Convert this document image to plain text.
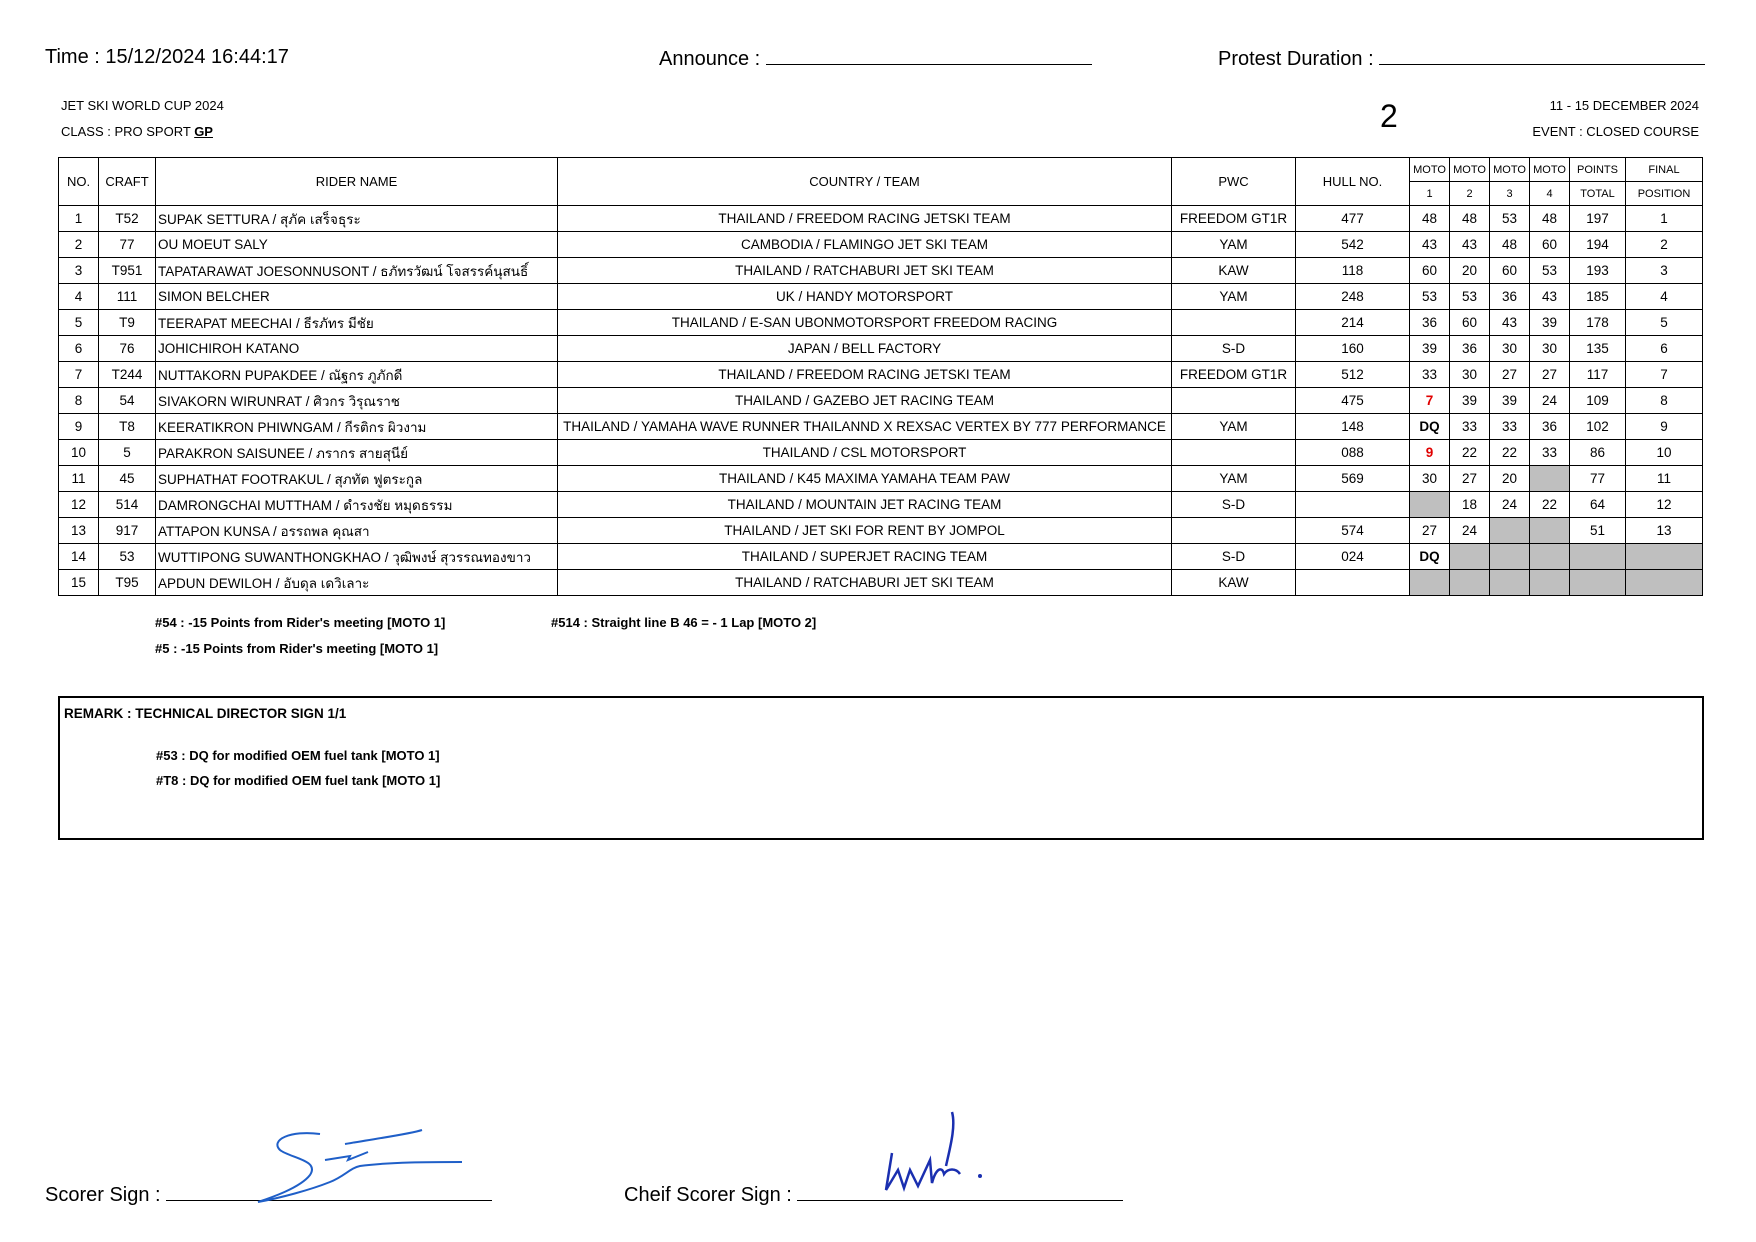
Time : 15/12/2024 16:44:17	Announce :	Protest Duration :
JET SKI WORLD CUP 2024
CLASS : PRO SPORT GP	2	11 - 15 DECEMBER 2024
EVENT : CLOSED COURSE
NO.	CRAFT	RIDER NAME	COUNTRY / TEAM	PWC	HULL NO.	MOTO	MOTO	MOTO	MOTO	POINTS	FINAL
						1	2	3	4	TOTAL	POSITION
1	T52	SUPAK SETTURA / สุภัค เสร็จธุระ	THAILAND / FREEDOM RACING JETSKI TEAM	FREEDOM GT1R	477	48	48	53	48	197	1
2	77	OU MOEUT SALY	CAMBODIA / FLAMINGO JET SKI TEAM	YAM	542	43	43	48	60	194	2
3	T951	TAPATARAWAT JOESONNUSONT / ธภัทรวัฒน์ โจสรรค์นุสนธิ์	THAILAND / RATCHABURI JET SKI TEAM	KAW	118	60	20	60	53	193	3
4	111	SIMON BELCHER	UK / HANDY MOTORSPORT	YAM	248	53	53	36	43	185	4
5	T9	TEERAPAT MEECHAI / ธีรภัทร มีชัย	THAILAND / E-SAN UBONMOTORSPORT FREEDOM RACING		214	36	60	43	39	178	5
6	76	JOHICHIROH KATANO	JAPAN / BELL FACTORY	S-D	160	39	36	30	30	135	6
7	T244	NUTTAKORN PUPAKDEE / ณัฐกร ภูภักดี	THAILAND / FREEDOM RACING JETSKI TEAM	FREEDOM GT1R	512	33	30	27	27	117	7
8	54	SIVAKORN WIRUNRAT / ศิวกร วิรุณราช	THAILAND / GAZEBO JET RACING TEAM		475	7	39	39	24	109	8
9	T8	KEERATIKRON PHIWNGAM / กีรติกร ผิวงาม	THAILAND / YAMAHA WAVE RUNNER THAILANND X REXSAC VERTEX BY 777 PERFORMANCE	YAM	148	DQ	33	33	36	102	9
10	5	PARAKRON SAISUNEE / ภรากร สายสุนีย์	THAILAND / CSL MOTORSPORT		088	9	22	22	33	86	10
11	45	SUPHATHAT FOOTRAKUL / สุภทัต ฟูตระกูล	THAILAND / K45 MAXIMA YAMAHA TEAM PAW	YAM	569	30	27	20		77	11
12	514	DAMRONGCHAI MUTTHAM / ดำรงชัย หมุดธรรม	THAILAND / MOUNTAIN JET RACING TEAM	S-D			18	24	22	64	12
13	917	ATTAPON KUNSA / อรรถพล คุณสา	THAILAND / JET SKI FOR RENT BY JOMPOL		574	27	24			51	13
14	53	WUTTIPONG SUWANTHONGKHAO / วุฒิพงษ์ สุวรรณทองขาว	THAILAND / SUPERJET RACING TEAM	S-D	024	DQ					
15	T95	APDUN DEWILOH / อับดุล เดวิเลาะ	THAILAND / RATCHABURI JET SKI TEAM	KAW							
#54 : -15 Points from Rider's meeting [MOTO 1]	#514 : Straight line B 46 = - 1 Lap [MOTO 2]
#5 : -15 Points from Rider's meeting [MOTO 1]
REMARK : TECHNICAL DIRECTOR SIGN 1/1
#53 : DQ for modified OEM fuel tank [MOTO 1]
#T8 : DQ for modified OEM fuel tank [MOTO 1]
Scorer Sign :	Cheif Scorer Sign :
